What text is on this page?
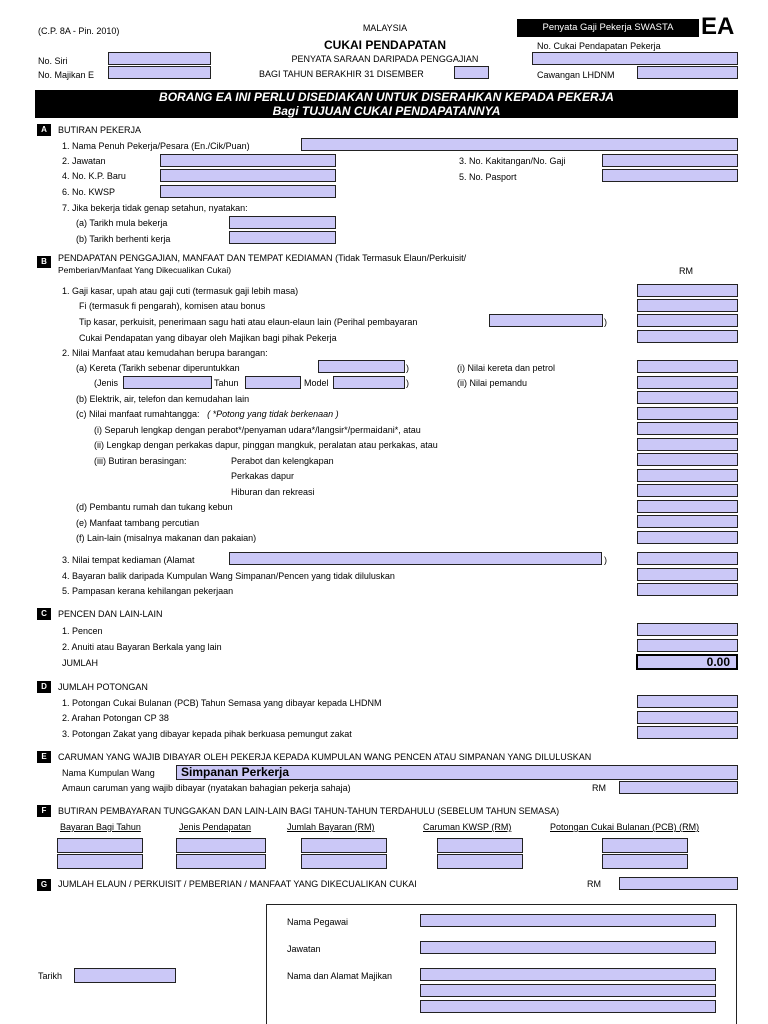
(C.P. 8A - Pin. 2010)	MALAYSIA
CUKAI PENDAPATAN
PENYATA SARAAN DARIPADA PENGGAJIAN
BAGI TAHUN BERAKHIR 31 DISEMBER
Penyata Gaji Pekerja SWASTA	EA
No. Siri
No. Majikan E
No. Cukai Pendapatan Pekerja
Cawangan LHDNM
BORANG EA INI PERLU DISEDIAKAN UNTUK DISERAHKAN KEPADA PEKERJA
Bagi TUJUAN CUKAI PENDAPATANNYA
A	BUTIRAN PEKERJA
1. Nama Penuh Pekerja/Pesara (En./Cik/Puan)
2. Jawatan	3. No. Kakitangan/No. Gaji
4. No. K.P. Baru	5. No. Pasport
6. No. KWSP
7. Jika bekerja tidak genap setahun, nyatakan:
(a) Tarikh mula bekerja
(b) Tarikh berhenti kerja
B	PENDAPATAN PENGGAJIAN, MANFAAT DAN TEMPAT KEDIAMAN (Tidak Termasuk Elaun/Perkuisit/
Pemberian/Manfaat Yang Dikecualikan Cukai)	RM
1. Gaji kasar, upah atau gaji cuti (termasuk gaji lebih masa)
Fi (termasuk fi pengarah), komisen atau bonus
Tip kasar, perkuisit, penerimaan sagu hati atau elaun-elaun lain (Perihal pembayaran	)
Cukai Pendapatan yang dibayar oleh Majikan bagi pihak Pekerja
2. Nilai Manfaat atau kemudahan berupa barangan:
(a) Kereta (Tarikh sebenar diperuntukkan	)	(i) Nilai kereta dan petrol
(Jenis	Tahun	Model	)	(ii) Nilai pemandu
(b) Elektrik, air, telefon dan kemudahan lain
(c) Nilai manfaat rumahtangga: ( *Potong yang tidak berkenaan )
(i) Separuh lengkap dengan perabot*/penyaman udara*/langsir*/permaidani*, atau
(ii) Lengkap dengan perkakas dapur, pinggan mangkuk, peralatan atau perkakas, atau
(iii) Butiran berasingan:	Perabot dan kelengkapan
Perkakas dapur
Hiburan dan rekreasi
(d) Pembantu rumah dan tukang kebun
(e) Manfaat tambang percutian
(f) Lain-lain (misalnya makanan dan pakaian)
3. Nilai tempat kediaman (Alamat	)
4. Bayaran balik daripada Kumpulan Wang Simpanan/Pencen yang tidak diluluskan
5. Pampasan kerana kehilangan pekerjaan
C	PENCEN DAN LAIN-LAIN
1. Pencen
2. Anuiti atau Bayaran Berkala yang lain
JUMLAH	0.00
D	JUMLAH POTONGAN
1. Potongan Cukai Bulanan (PCB) Tahun Semasa yang dibayar kepada LHDNM
2. Arahan Potongan CP 38
3. Potongan Zakat yang dibayar kepada pihak berkuasa pemungut zakat
E	CARUMAN YANG WAJIB DIBAYAR OLEH PEKERJA KEPADA KUMPULAN WANG PENCEN ATAU SIMPANAN YANG DILULUSKAN
Nama Kumpulan Wang	Simpanan Perkerja
Amaun caruman yang wajib dibayar (nyatakan bahagian pekerja sahaja)	RM
F	BUTIRAN PEMBAYARAN TUNGGAKAN DAN LAIN-LAIN BAGI TAHUN-TAHUN TERDAHULU (SEBELUM TAHUN SEMASA)
Bayaran Bagi Tahun	Jenis Pendapatan	Jumlah Bayaran (RM)	Caruman KWSP (RM)	Potongan Cukai Bulanan (PCB) (RM)
G	JUMLAH ELAUN / PERKUISIT / PEMBERIAN / MANFAAT YANG DIKECUALIKAN CUKAI	RM
Nama Pegawai
Jawatan
Nama dan Alamat Majikan
Tarikh
